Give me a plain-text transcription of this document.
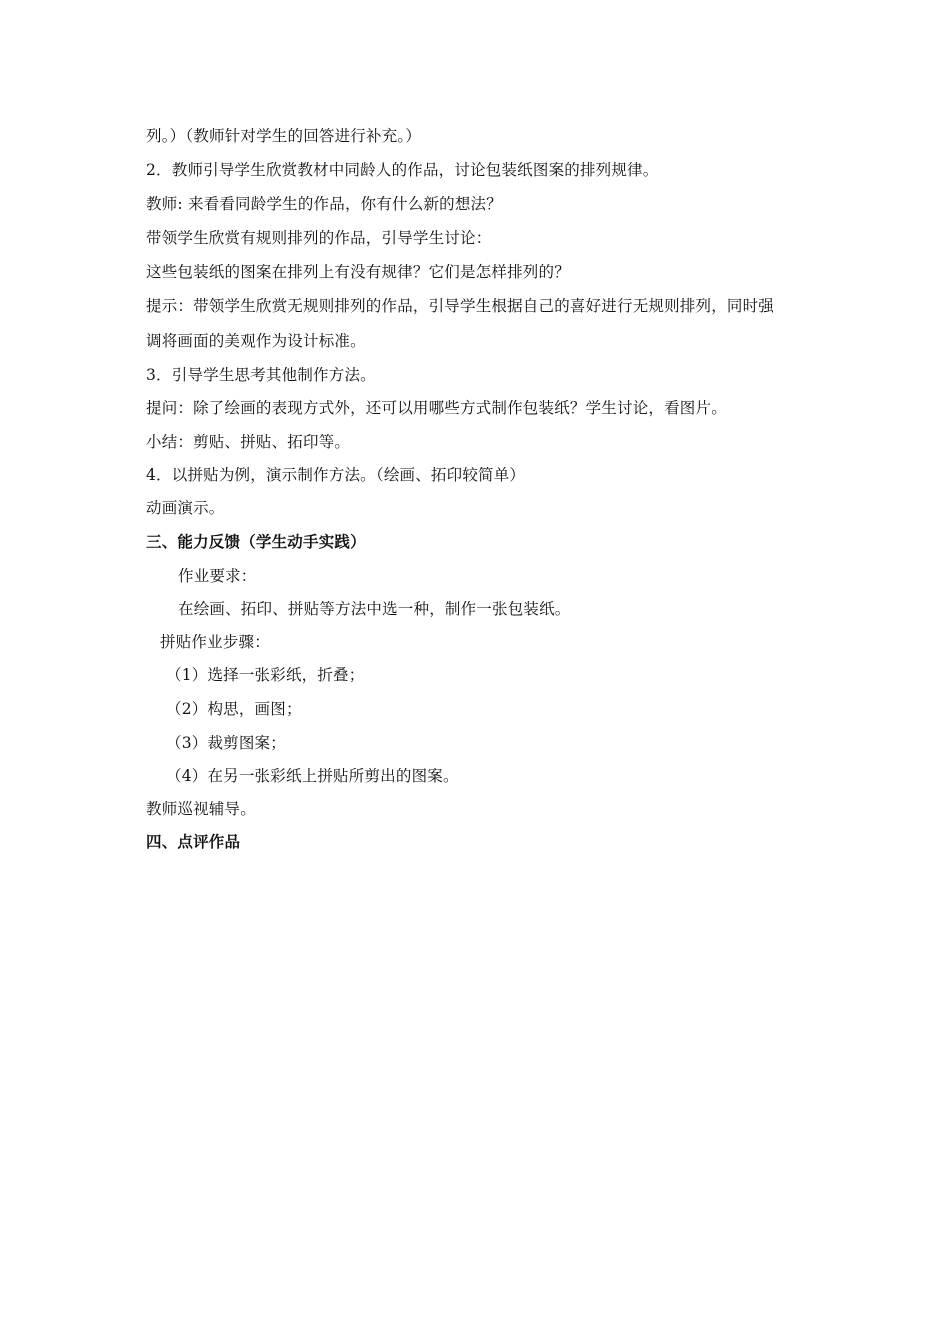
列。）（教师针对学生的回答进行补充。）
2．教师引导学生欣赏教材中同龄人的作品，讨论包装纸图案的排列规律。
教师: 来看看同龄学生的作品，你有什么新的想法？
带领学生欣赏有规则排列的作品，引导学生讨论：
这些包装纸的图案在排列上有没有规律？它们是怎样排列的？
提示：带领学生欣赏无规则排列的作品，引导学生根据自己的喜好进行无规则排列，同时强
调将画面的美观作为设计标准。
3．引导学生思考其他制作方法。
提问：除了绘画的表现方式外，还可以用哪些方式制作包装纸？学生讨论，看图片。
小结：剪贴、拼贴、拓印等。
4．以拼贴为例，演示制作方法。（绘画、拓印较简单）
动画演示。
三、能力反馈（学生动手实践）
作业要求：
在绘画、拓印、拼贴等方法中选一种，制作一张包装纸。
拼贴作业步骤：
（1）选择一张彩纸，折叠；
（2）构思，画图；
（3）裁剪图案；
（4）在另一张彩纸上拼贴所剪出的图案。
教师巡视辅导。
四、点评作品
